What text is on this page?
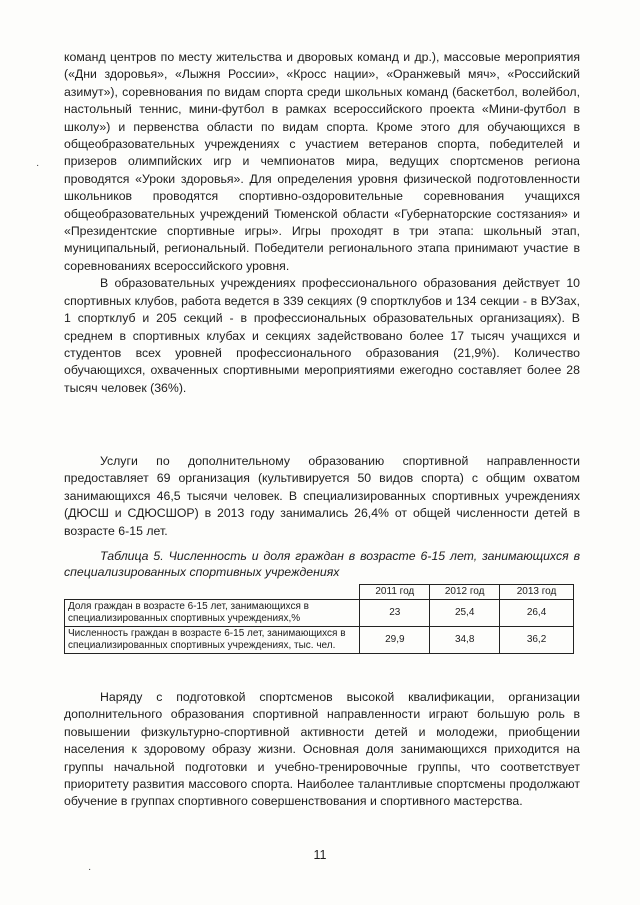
команд центров по месту жительства и дворовых команд и др.), массовые мероприятия («Дни здоровья», «Лыжня России», «Кросс нации», «Оранжевый мяч», «Российский азимут»), соревнования по видам спорта среди школьных команд (баскетбол, волейбол, настольный теннис, мини-футбол в рамках всероссийского проекта «Мини-футбол в школу») и первенства области по видам спорта. Кроме этого для обучающихся в общеобразовательных учреждениях с участием ветеранов спорта, победителей и призеров олимпийских игр и чемпионатов мира, ведущих спортсменов региона проводятся «Уроки здоровья». Для определения уровня физической подготовленности школьников проводятся спортивно-оздоровительные соревнования учащихся общеобразовательных учреждений Тюменской области «Губернаторские состязания» и «Президентские спортивные игры». Игры проходят в три этапа: школьный этап, муниципальный, региональный. Победители регионального этапа принимают участие в соревнованиях всероссийского уровня.

В образовательных учреждениях профессионального образования действует 10 спортивных клубов, работа ведется в 339 секциях (9 спортклубов и 134 секции - в ВУЗах, 1 спортклуб и 205 секций - в профессиональных образовательных организациях). В среднем в спортивных клубах и секциях задействовано более 17 тысяч учащихся и студентов всех уровней профессионального образования (21,9%). Количество обучающихся, охваченных спортивными мероприятиями ежегодно составляет более 28 тысяч человек (36%).

Услуги по дополнительному образованию спортивной направленности предоставляет 69 организация (культивируется 50 видов спорта) с общим охватом занимающихся 46,5 тысячи человек. В специализированных спортивных учреждениях (ДЮСШ и СДЮСШОР) в 2013 году занимались 26,4% от общей численности детей в возрасте 6-15 лет.

Таблица 5. Численность и доля граждан в возрасте 6-15 лет, занимающихся в специализированных спортивных учреждениях

	2011 год	2012 год	2013 год
Доля граждан в возрасте 6-15 лет, занимающихся в специализированных спортивных учреждениях,%	23	25,4	26,4
Численность граждан в возрасте 6-15 лет, занимающихся в специализированных спортивных учреждениях, тыс. чел.	29,9	34,8	36,2

Наряду с подготовкой спортсменов высокой квалификации, организации дополнительного образования спортивной направленности играют большую роль в повышении физкультурно-спортивной активности детей и молодежи, приобщении населения к здоровому образу жизни. Основная доля занимающихся приходится на группы начальной подготовки и учебно-тренировочные группы, что соответствует приоритету развития массового спорта. Наиболее талантливые спортсмены продолжают обучение в группах спортивного совершенствования и спортивного мастерства.

11
·
·
